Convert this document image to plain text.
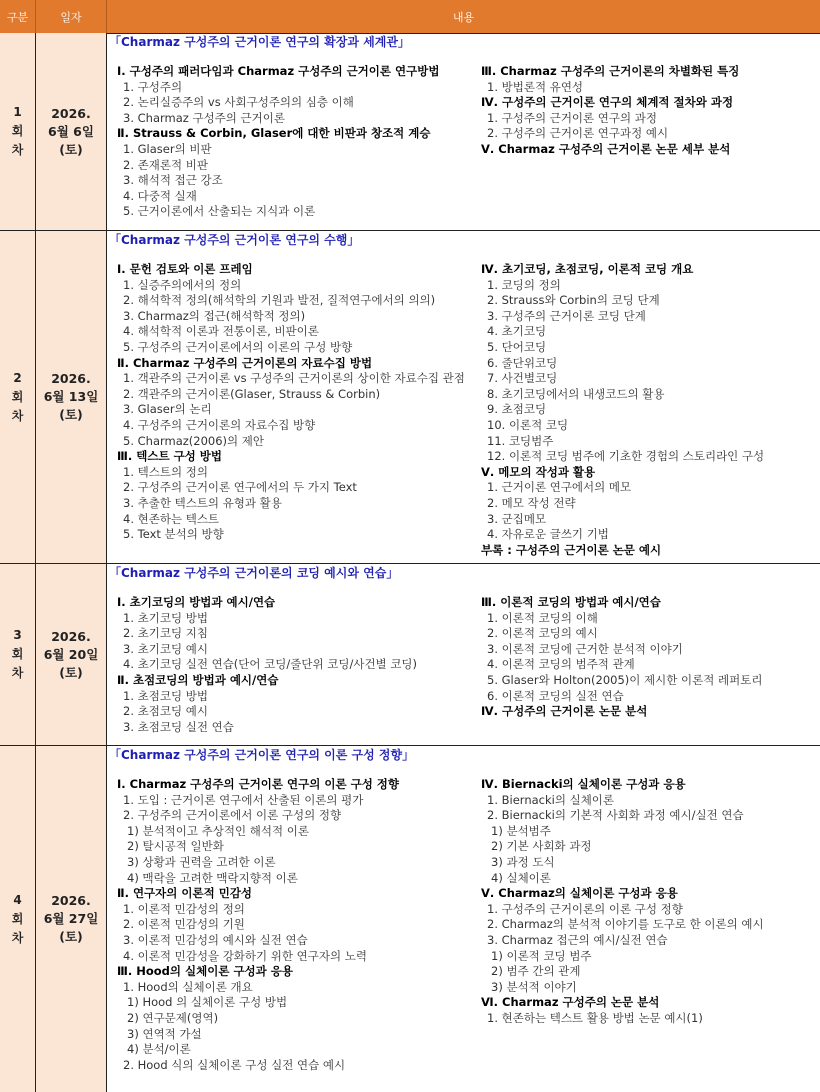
구분	일자	내용
1회차
2026.
6월 6일
(토)
「Charmaz 구성주의 근거이론 연구의 확장과 세계관」
Ⅰ. 구성주의 패러다임과 Charmaz 구성주의 근거이론 연구방법
1. 구성주의
2. 논리실증주의 vs 사회구성주의의 심층 이해
3. Charmaz 구성주의 근거이론
Ⅱ. Strauss & Corbin, Glaser에 대한 비판과 창조적 계승
1. Glaser의 비판
2. 존재론적 비판
3. 해석적 접근 강조
4. 다중적 실재
5. 근거이론에서 산출되는 지식과 이론
Ⅲ. Charmaz 구성주의 근거이론의 차별화된 특징
1. 방법론적 유연성
Ⅳ. 구성주의 근거이론 연구의 체계적 절차와 과정
1. 구성주의 근거이론 연구의 과정
2. 구성주의 근거이론 연구과정 예시
Ⅴ. Charmaz 구성주의 근거이론 논문 세부 분석
2회차
2026.
6월 13일
(토)
「Charmaz 구성주의 근거이론 연구의 수행」
Ⅰ. 문헌 검토와 이론 프레임
1. 실증주의에서의 정의
2. 해석학적 정의(해석학의 기원과 발전, 질적연구에서의 의의)
3. Charmaz의 접근(해석학적 정의)
4. 해석학적 이론과 전통이론, 비판이론
5. 구성주의 근거이론에서의 이론의 구성 방향
Ⅱ. Charmaz 구성주의 근거이론의 자료수집 방법
1. 객관주의 근거이론 vs 구성주의 근거이론의 상이한 자료수집 관점
2. 객관주의 근거이론(Glaser, Strauss & Corbin)
3. Glaser의 논리
4. 구성주의 근거이론의 자료수집 방향
5. Charmaz(2006)의 제안
Ⅲ. 텍스트 구성 방법
1. 텍스트의 정의
2. 구성주의 근거이론 연구에서의 두 가지 Text
3. 추출한 텍스트의 유형과 활용
4. 현존하는 텍스트
5. Text 분석의 방향
Ⅳ. 초기코딩, 초점코딩, 이론적 코딩 개요
1. 코딩의 정의
2. Strauss와 Corbin의 코딩 단계
3. 구성주의 근거이론 코딩 단계
4. 초기코딩
5. 단어코딩
6. 줄단위코딩
7. 사건별코딩
8. 초기코딩에서의 내생코드의 활용
9. 초점코딩
10. 이론적 코딩
11. 코딩범주
12. 이론적 코딩 범주에 기초한 경험의 스토리라인 구성
Ⅴ. 메모의 작성과 활용
1. 근거이론 연구에서의 메모
2. 메모 작성 전략
3. 군집메모
4. 자유로운 글쓰기 기법
부록 : 구성주의 근거이론 논문 예시
3회차
2026.
6월 20일
(토)
「Charmaz 구성주의 근거이론의 코딩 예시와 연습」
Ⅰ. 초기코딩의 방법과 예시/연습
1. 초기코딩 방법
2. 초기코딩 지침
3. 초기코딩 예시
4. 초기코딩 실전 연습(단어 코딩/줄단위 코딩/사건별 코딩)
Ⅱ. 초점코딩의 방법과 예시/연습
1. 초점코딩 방법
2. 초점코딩 예시
3. 초점코딩 실전 연습
Ⅲ. 이론적 코딩의 방법과 예시/연습
1. 이론적 코딩의 이해
2. 이론적 코딩의 예시
3. 이론적 코딩에 근거한 분석적 이야기
4. 이론적 코딩의 범주적 관계
5. Glaser와 Holton(2005)이 제시한 이론적 레퍼토리
6. 이론적 코딩의 실전 연습
Ⅳ. 구성주의 근거이론 논문 분석
4회차
2026.
6월 27일
(토)
「Charmaz 구성주의 근거이론 연구의 이론 구성 정향」
Ⅰ. Charmaz 구성주의 근거이론 연구의 이론 구성 정향
1. 도입 : 근거이론 연구에서 산출된 이론의 평가
2. 구성주의 근거이론에서 이론 구성의 정향
1) 분석적이고 추상적인 해석적 이론
2) 탈시공적 일반화
3) 상황과 권력을 고려한 이론
4) 맥락을 고려한 맥락지향적 이론
Ⅱ. 연구자의 이론적 민감성
1. 이론적 민감성의 정의
2. 이론적 민감성의 기원
3. 이론적 민감성의 예시와 실전 연습
4. 이론적 민감성을 강화하기 위한 연구자의 노력
Ⅲ. Hood의 실체이론 구성과 응용
1. Hood의 실체이론 개요
1) Hood 의 실체이론 구성 방법
2) 연구문제(영역)
3) 연역적 가설
4) 분석/이론
2. Hood 식의 실체이론 구성 실전 연습 예시
Ⅳ. Biernacki의 실체이론 구성과 응용
1. Biernacki의 실체이론
2. Biernacki의 기본적 사회화 과정 예시/실전 연습
1) 분석범주
2) 기본 사회화 과정
3) 과정 도식
4) 실체이론
Ⅴ. Charmaz의 실체이론 구성과 응용
1. 구성주의 근거이론의 이론 구성 정향
2. Charmaz의 분석적 이야기를 도구로 한 이론의 예시
3. Charmaz 접근의 예시/실전 연습
1) 이론적 코딩 범주
2) 범주 간의 관계
3) 분석적 이야기
Ⅵ. Charmaz 구성주의 논문 분석
1. 현존하는 텍스트 활용 방법 논문 예시(1)
